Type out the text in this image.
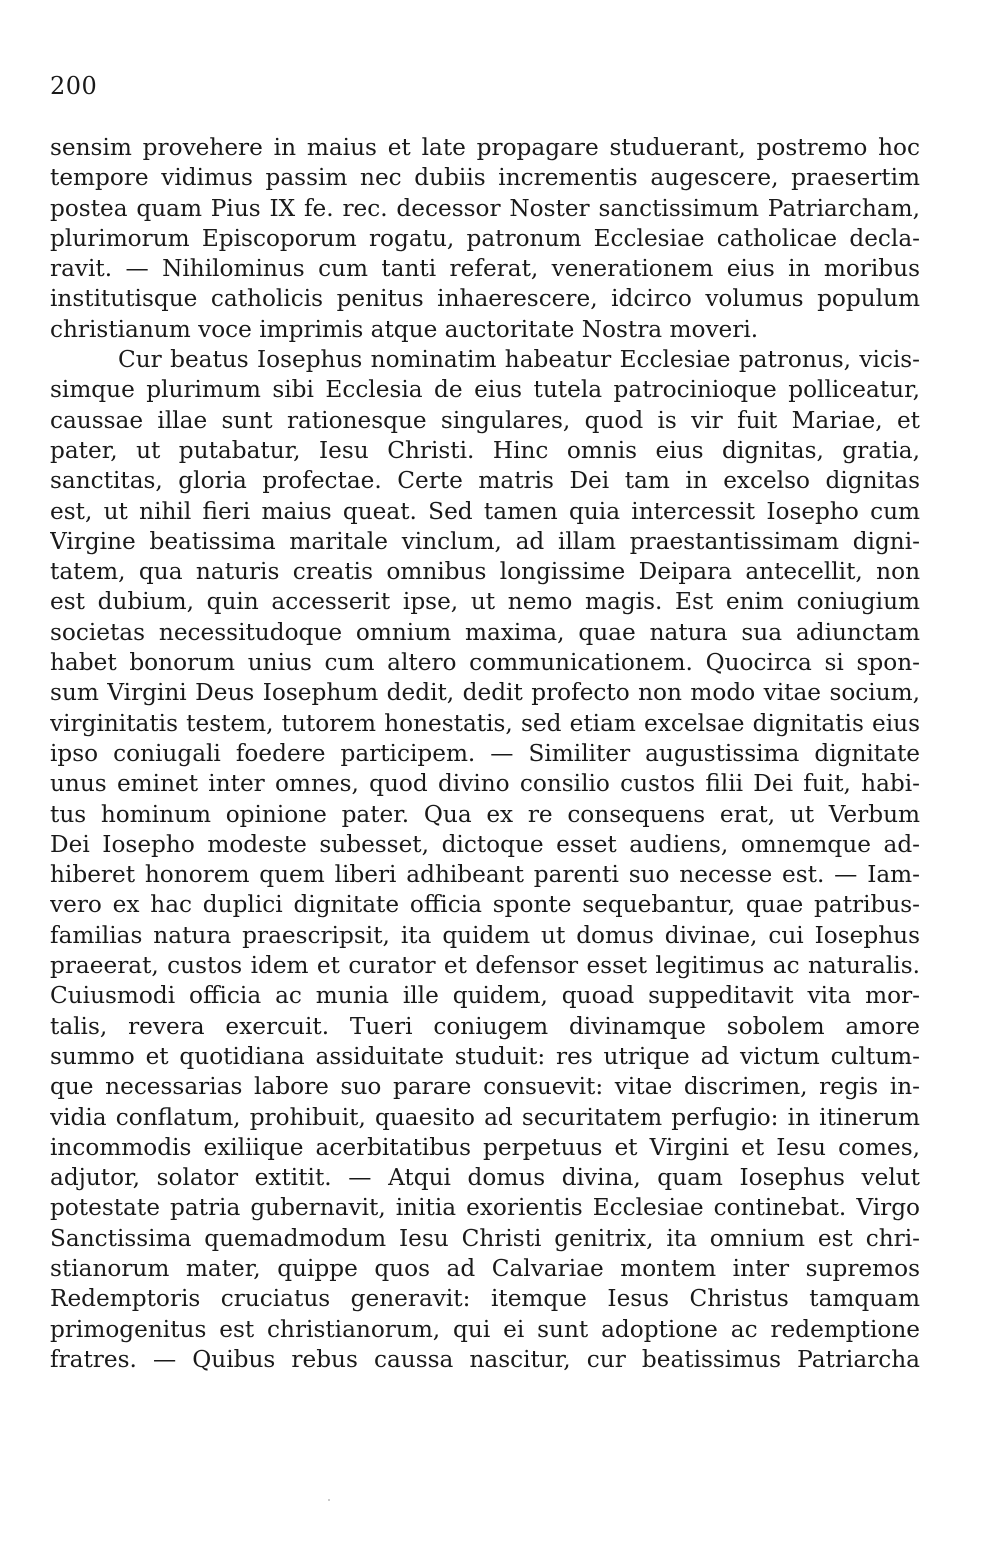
200
sensim provehere in maius et late propagare studuerant, postremo hoc
tempore vidimus passim nec dubiis incrementis augescere, praesertim
postea quam Pius IX fe. rec. decessor Noster sanctissimum Patriarcham,
plurimorum Episcoporum rogatu, patronum Ecclesiae catholicae decla-
ravit. — Nihilominus cum tanti referat, venerationem eius in moribus
institutisque catholicis penitus inhaerescere, idcirco volumus populum
christianum voce imprimis atque auctoritate Nostra moveri.
Cur beatus Iosephus nominatim habeatur Ecclesiae patronus, vicis-
simque plurimum sibi Ecclesia de eius tutela patrocinioque polliceatur,
caussae illae sunt rationesque singulares, quod is vir fuit Mariae, et
pater, ut putabatur, Iesu Christi. Hinc omnis eius dignitas, gratia,
sanctitas, gloria profectae. Certe matris Dei tam in excelso dignitas
est, ut nihil fieri maius queat. Sed tamen quia intercessit Iosepho cum
Virgine beatissima maritale vinclum, ad illam praestantissimam digni-
tatem, qua naturis creatis omnibus longissime Deipara antecellit, non
est dubium, quin accesserit ipse, ut nemo magis. Est enim coniugium
societas necessitudoque omnium maxima, quae natura sua adiunctam
habet bonorum unius cum altero communicationem. Quocirca si spon-
sum Virgini Deus Iosephum dedit, dedit profecto non modo vitae socium,
virginitatis testem, tutorem honestatis, sed etiam excelsae dignitatis eius
ipso coniugali foedere participem. — Similiter augustissima dignitate
unus eminet inter omnes, quod divino consilio custos filii Dei fuit, habi-
tus hominum opinione pater. Qua ex re consequens erat, ut Verbum
Dei Iosepho modeste subesset, dictoque esset audiens, omnemque ad-
hiberet honorem quem liberi adhibeant parenti suo necesse est. — Iam-
vero ex hac duplici dignitate officia sponte sequebantur, quae patribus-
familias natura praescripsit, ita quidem ut domus divinae, cui Iosephus
praeerat, custos idem et curator et defensor esset legitimus ac naturalis.
Cuiusmodi officia ac munia ille quidem, quoad suppeditavit vita mor-
talis, revera exercuit. Tueri coniugem divinamque sobolem amore
summo et quotidiana assiduitate studuit: res utrique ad victum cultum-
que necessarias labore suo parare consuevit: vitae discrimen, regis in-
vidia conflatum, prohibuit, quaesito ad securitatem perfugio: in itinerum
incommodis exiliique acerbitatibus perpetuus et Virgini et Iesu comes,
adjutor, solator extitit. — Atqui domus divina, quam Iosephus velut
potestate patria gubernavit, initia exorientis Ecclesiae continebat. Virgo
Sanctissima quemadmodum Iesu Christi genitrix, ita omnium est chri-
stianorum mater, quippe quos ad Calvariae montem inter supremos
Redemptoris cruciatus generavit: itemque Iesus Christus tamquam
primogenitus est christianorum, qui ei sunt adoptione ac redemptione
fratres. — Quibus rebus caussa nascitur, cur beatissimus Patriarcha
